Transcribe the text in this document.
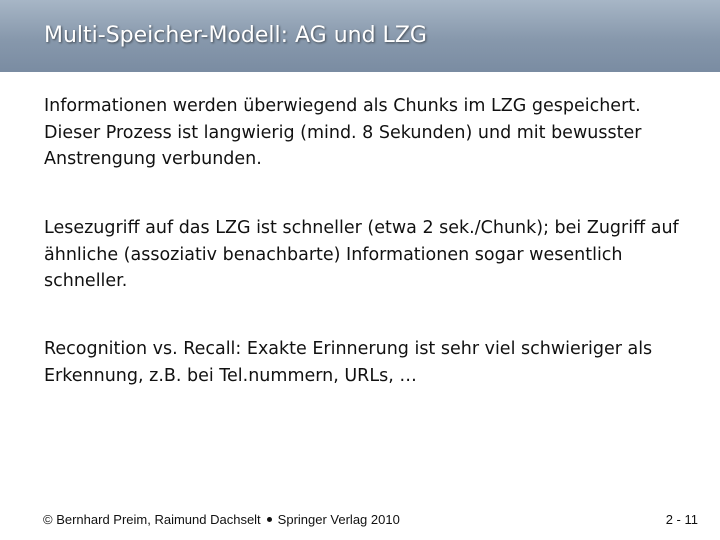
Multi-Speicher-Modell: AG und LZG
Informationen werden überwiegend als Chunks im LZG gespeichert. Dieser Prozess ist langwierig (mind. 8 Sekunden) und mit bewusster Anstrengung verbunden.
Lesezugriff auf das LZG ist schneller (etwa 2 sek./Chunk); bei Zugriff auf ähnliche (assoziativ benachbarte) Informationen sogar wesentlich schneller.
Recognition vs. Recall: Exakte Erinnerung ist sehr viel schwieriger als Erkennung, z.B. bei Tel.nummern, URLs, …
© Bernhard Preim, Raimund Dachselt Springer Verlag 2010	2 - 11
